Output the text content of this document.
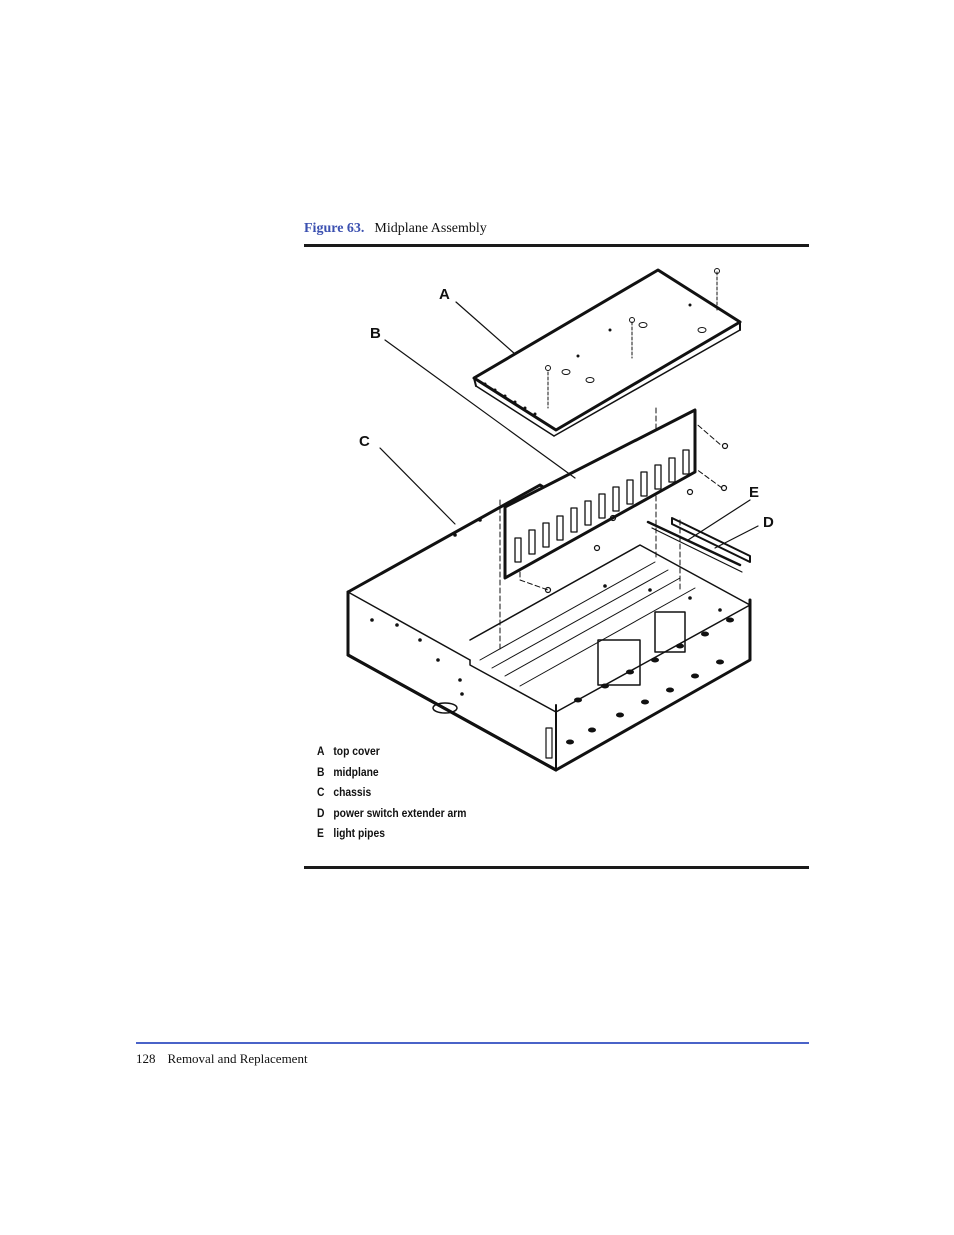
Figure 63. Midplane Assembly
A
B
C
D
E
A top cover
B midplane
C chassis
D power switch extender arm
E light pipes
128 Removal and Replacement
